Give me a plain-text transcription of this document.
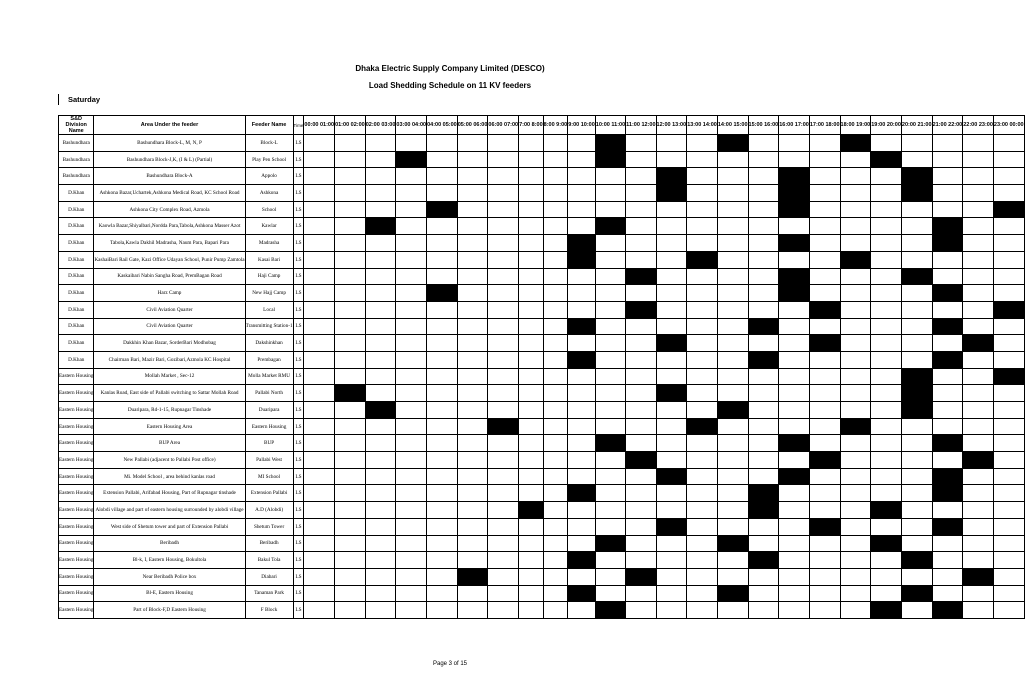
Dhaka Electric Supply Company Limited (DESCO)
Load Shedding Schedule on 11 KV feeders
Saturday
S&D Division Name	Area Under the feeder	Feeder Name	Time	00:00 01:00	01:00 02:00	02:00 03:00	03:00 04:00	04:00 05:00	05:00 06:00	06:00 07:00	7:00 8:00	8:00 9:00	9:00 10:00	10:00 11:00	11:00 12:00	12:00 13:00	13:00 14:00	14:00 15:00	15:00 16:00	16:00 17:00	17:00 18:00	18:00 19:00	19:00 20:00	20:00 21:00	21:00 22:00	22:00 23:00	23:00 00:00
Bashundhara	Bashundhara Block-L, M, N, P	Block-L	LS																								
Bashundhara	Bashundhara Block-J,K, (I & L) (Partial)	Play Pen School	LS																								
Bashundhara	Bashundhara Block-A	Appolo	LS																								
D.Khan	Ashkona Bazar,Uchartek,Ashkona Medical Road, KC School Road	Ashkona	LS																								
D.Khan	Ashkona City Complex Road, Azmola	School	LS																								
D.Khan	Kaowla Bazar,Shiyalbari,Nordda Para,Tabola,Ashkona Masser Azot	Kawlar	LS																								
D.Khan	Tabola,Kawla Dakhil Madrasha, Naum Para, Bapari Para	Madrasha	LS																								
D.Khan	KashaiBari Rail Gate, Kazi Office Udayan School, Punir Pump Zamtola	Kasai Bari	LS																								
D.Khan	Kaskaibari Nabin Sangha Road, PremBagan Road	Haji Camp	LS																								
D.Khan	Harz Camp	New Hajj Camp	LS																								
D.Khan	Civil Aviation Quarter	Local	LS																								
D.Khan	Civil Aviation Quarter	Transmitting Station-1	LS																								
D.Khan	Dakkhin Khan Bazar, SorderBari Modhobag	Dakshinkhan	LS																								
D.Khan	Chairman Bari, Mazir Bari, Gozibari,Azmola KC Hospital	Prembagan	LS																								
Eastern Housing	Mollah Market , Sec-12	Molla Market RMU	LS																								
Eastern Housing	Kanlas Road, East side of Pallabi switching to Sattar Mollah Road	Pallabi North	LS																								
Eastern Housing	Duaripara, Rd-1-15, Rupnagar Tinshade	Duaripara	LS																								
Eastern Housing	Eastern Housing Area	Eastern Housing	LS																								
Eastern Housing	BUP Area	BUP	LS																								
Eastern Housing	New Pallabi (adjacent to Pallabi Post office)	Pallabi West	LS																								
Eastern Housing	Mi. Model School , area behind kanlas road	MI School	LS																								
Eastern Housing	Extension Pallabi, Arifabad Housing, Part of Rupnagar tinshade	Extension Pallabi	LS																								
Eastern Housing	Alobdi village and part of eastern housing surrounded by alobdi village	A.D (Alobdi)	LS																								
Eastern Housing	West side of Shetum tower and part of Extension Pallabi	Shetum Tower	LS																								
Eastern Housing	Beribadh	Beribadh	LS																								
Eastern Housing	Bl-k, I, Eastern Housing, Bokultola	Bakul Tola	LS																								
Eastern Housing	Near Beribadh Police box	Diabari	LS																								
Eastern Housing	Bl-E, Eastern Housing	Tanaman Park	LS																								
Eastern Housing	Part of Block-F,D Eastern Housing	F Block	LS																								
Page 3 of 15
